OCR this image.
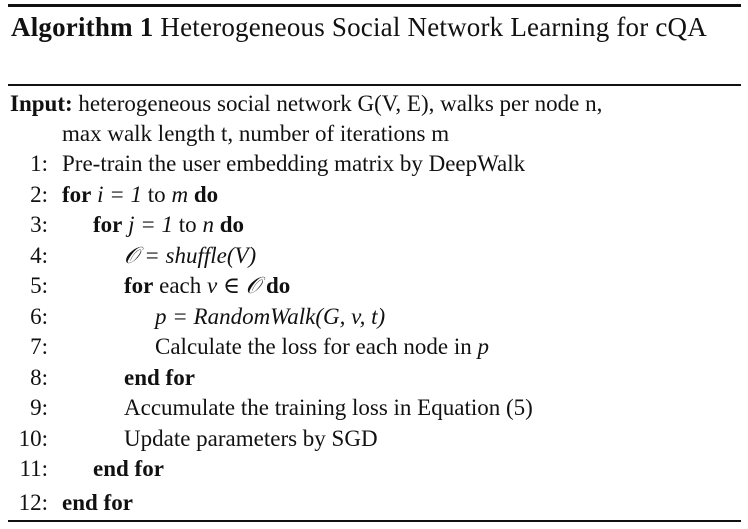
Algorithm 1 Heterogeneous Social Network Learning for cQA
Input: heterogeneous social network G(V, E), walks per node n,
max walk length t, number of iterations m
1: Pre-train the user embedding matrix by DeepWalk
2: for i = 1 to m do
3: for j = 1 to n do
4:	𝒪 = shuffle(V)
5:	for each v ∈ 𝒪 do
6:	p = RandomWalk(G, v, t)
7:	Calculate the loss for each node in p
8:	end for
9:	Accumulate the training loss in Equation (5)
10:	Update parameters by SGD
11: end for
12: end for
